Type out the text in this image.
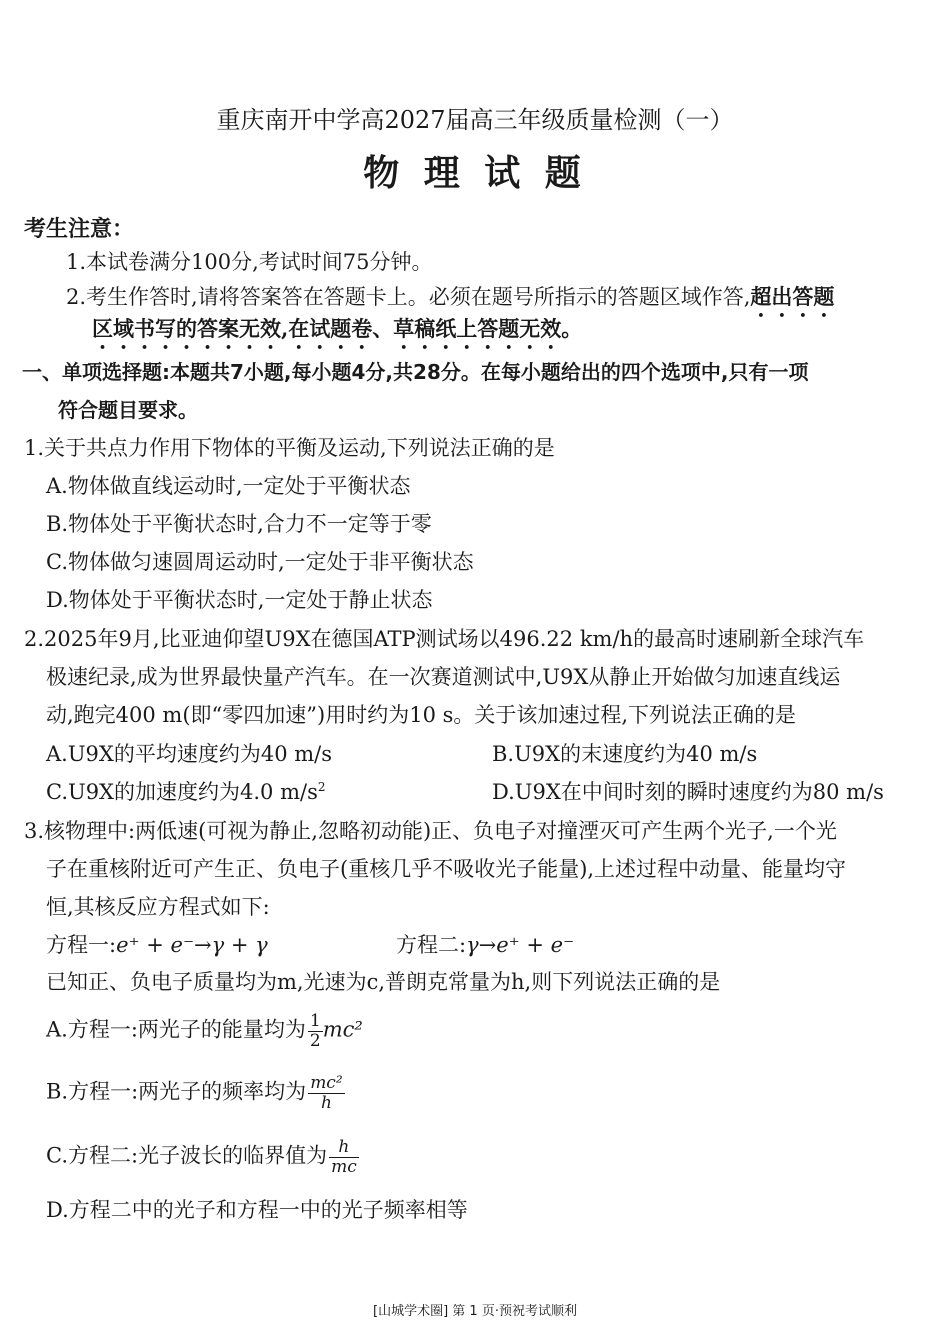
重庆南开中学高2027届高三年级质量检测（一）
物 理 试 题
考生注意：
1.本试卷满分100分,考试时间75分钟。
2.考生作答时,请将答案答在答题卡上。必须在题号所指示的答题区域作答,超出答题
区域书写的答案无效,在试题卷、草稿纸上答题无效。
一、单项选择题:本题共7小题,每小题4分,共28分。在每小题给出的四个选项中,只有一项
符合题目要求。
1.关于共点力作用下物体的平衡及运动,下列说法正确的是
A.物体做直线运动时,一定处于平衡状态
B.物体处于平衡状态时,合力不一定等于零
C.物体做匀速圆周运动时,一定处于非平衡状态
D.物体处于平衡状态时,一定处于静止状态
2.2025年9月,比亚迪仰望U9X在德国ATP测试场以496.22 km/h的最高时速刷新全球汽车
极速纪录,成为世界最快量产汽车。在一次赛道测试中,U9X从静止开始做匀加速直线运
动,跑完400 m(即“零四加速”)用时约为10 s。关于该加速过程,下列说法正确的是
A.U9X的平均速度约为40 m/s	B.U9X的末速度约为40 m/s
C.U9X的加速度约为4.0 $m/s^2$	D.U9X在中间时刻的瞬时速度约为80 m/s
3.核物理中:两低速(可视为静止,忽略初动能)正、负电子对撞湮灭可产生两个光子,一个光
子在重核附近可产生正、负电子(重核几乎不吸收光子能量),上述过程中动量、能量均守
恒,其核反应方程式如下:
方程一:e⁺ + e⁻→γ + γ	方程二:γ→e⁺ + e⁻
已知正、负电子质量均为m,光速为c,普朗克常量为h,则下列说法正确的是
A.方程一:两光子的能量均为 $\frac{1}{2} mc^2$
B.方程一:两光子的频率均为 $\frac{\text{mc²}}{h}$
C.方程二:光子波长的临界值为 $\frac{h}{mc}$
D.方程二中的光子和方程一中的光子频率相等
[山城学术圈] 第 1 页·预祝考试顺利
